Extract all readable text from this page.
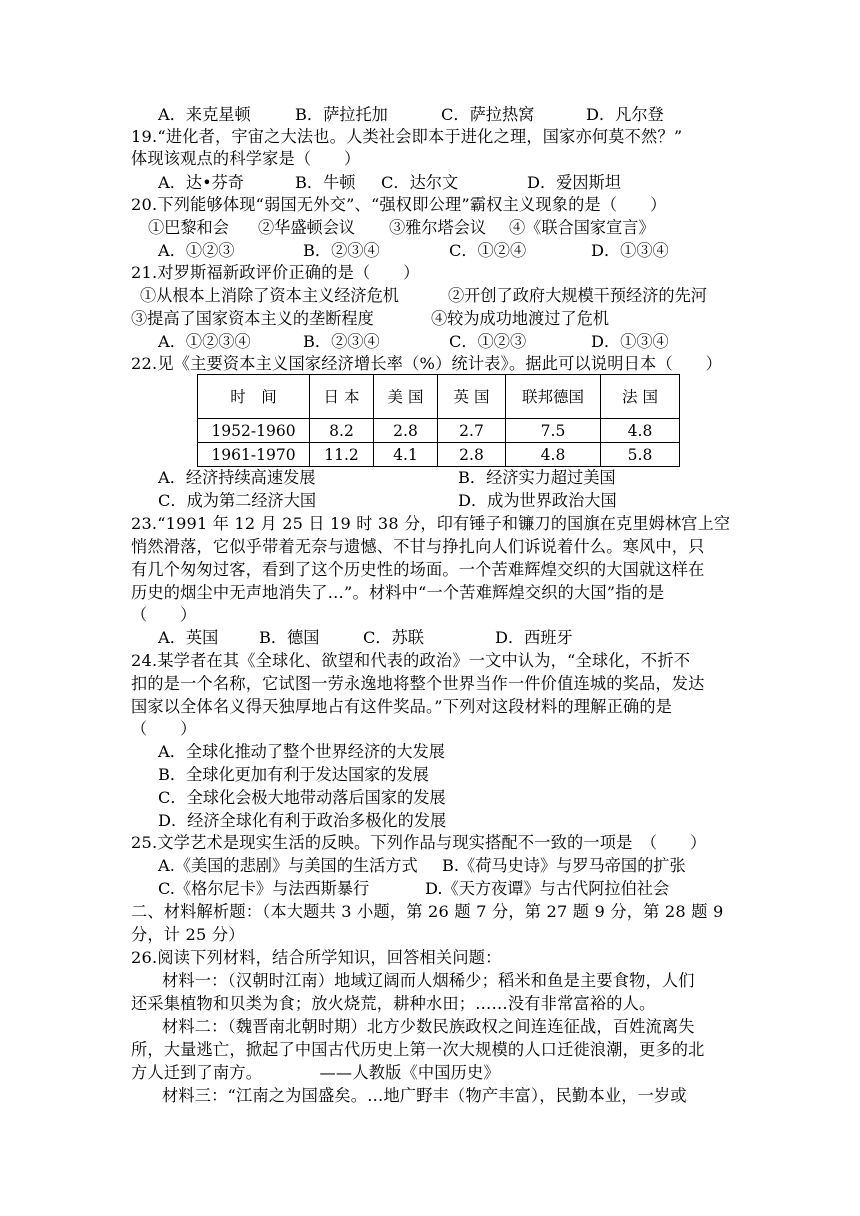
A．来克星顿	B．萨拉托加	C．萨拉热窝	D．凡尔登
19.“进化者，宇宙之大法也。人类社会即本于进化之理，国家亦何莫不然？”
体现该观点的科学家是（　　）
A．达•芬奇	B．牛顿 C．达尔文	D．爱因斯坦
20.下列能够体现“弱国无外交”、“强权即公理”霸权主义现象的是（　　）
①巴黎和会 ②华盛顿会议 ③雅尔塔会议 ④《联合国家宣言》
A．①②③	B．②③④	C．①②④	D．①③④
21.对罗斯福新政评价正确的是（　　）
①从根本上消除了资本主义经济危机	②开创了政府大规模干预经济的先河
③提高了国家资本主义的垄断程度	④较为成功地渡过了危机
A．①②③④	B．②③④	C．①②③	D．①③④
22.见《主要资本主义国家经济增长率（%）统计表》。据此可以说明日本（　　）
时　间	日 本	美 国	英 国	联邦德国	法 国
1952-1960	8.2	2.8	2.7	7.5	4.8
1961-1970	11.2	4.1	2.8	4.8	5.8
A．经济持续高速发展	B．经济实力超过美国
C．成为第二经济大国	D．成为世界政治大国
23.“1991 年 12 月 25 日 19 时 38 分，印有锤子和镰刀的国旗在克里姆林宫上空
悄然滑落，它似乎带着无奈与遗憾、不甘与挣扎向人们诉说着什么。寒风中，只
有几个匆匆过客，看到了这个历史性的场面。一个苦难辉煌交织的大国就这样在
历史的烟尘中无声地消失了…”。材料中“一个苦难辉煌交织的大国”指的是
（　　）
A．英国	B．德国	C．苏联	D．西班牙
24.某学者在其《全球化、欲望和代表的政治》一文中认为，“全球化，不折不
扣的是一个名称，它试图一劳永逸地将整个世界当作一件价值连城的奖品，发达
国家以全体名义得天独厚地占有这件奖品。”下列对这段材料的理解正确的是
（　　）
A．全球化推动了整个世界经济的大发展
B．全球化更加有利于发达国家的发展
C．全球化会极大地带动落后国家的发展
D．经济全球化有利于政治多极化的发展
25.文学艺术是现实生活的反映。下列作品与现实搭配不一致的一项是　（　　）
A.《美国的悲剧》与美国的生活方式 B.《荷马史诗》与罗马帝国的扩张
C.《格尔尼卡》与法西斯暴行	D.《天方夜谭》与古代阿拉伯社会
二、材料解析题：（本大题共 3 小题，第 26 题 7 分，第 27 题 9 分，第 28 题 9
分，计 25 分）
26.阅读下列材料，结合所学知识，回答相关问题：
材料一：（汉朝时江南）地域辽阔而人烟稀少；稻米和鱼是主要食物，人们
还采集植物和贝类为食；放火烧荒，耕种水田；……没有非常富裕的人。
材料二：（魏晋南北朝时期）北方少数民族政权之间连连征战，百姓流离失
所，大量逃亡，掀起了中国古代历史上第一次大规模的人口迁徙浪潮，更多的北
方人迁到了南方。　　　　——人教版《中国历史》
材料三：“江南之为国盛矣。…地广野丰（物产丰富），民勤本业，一岁或
